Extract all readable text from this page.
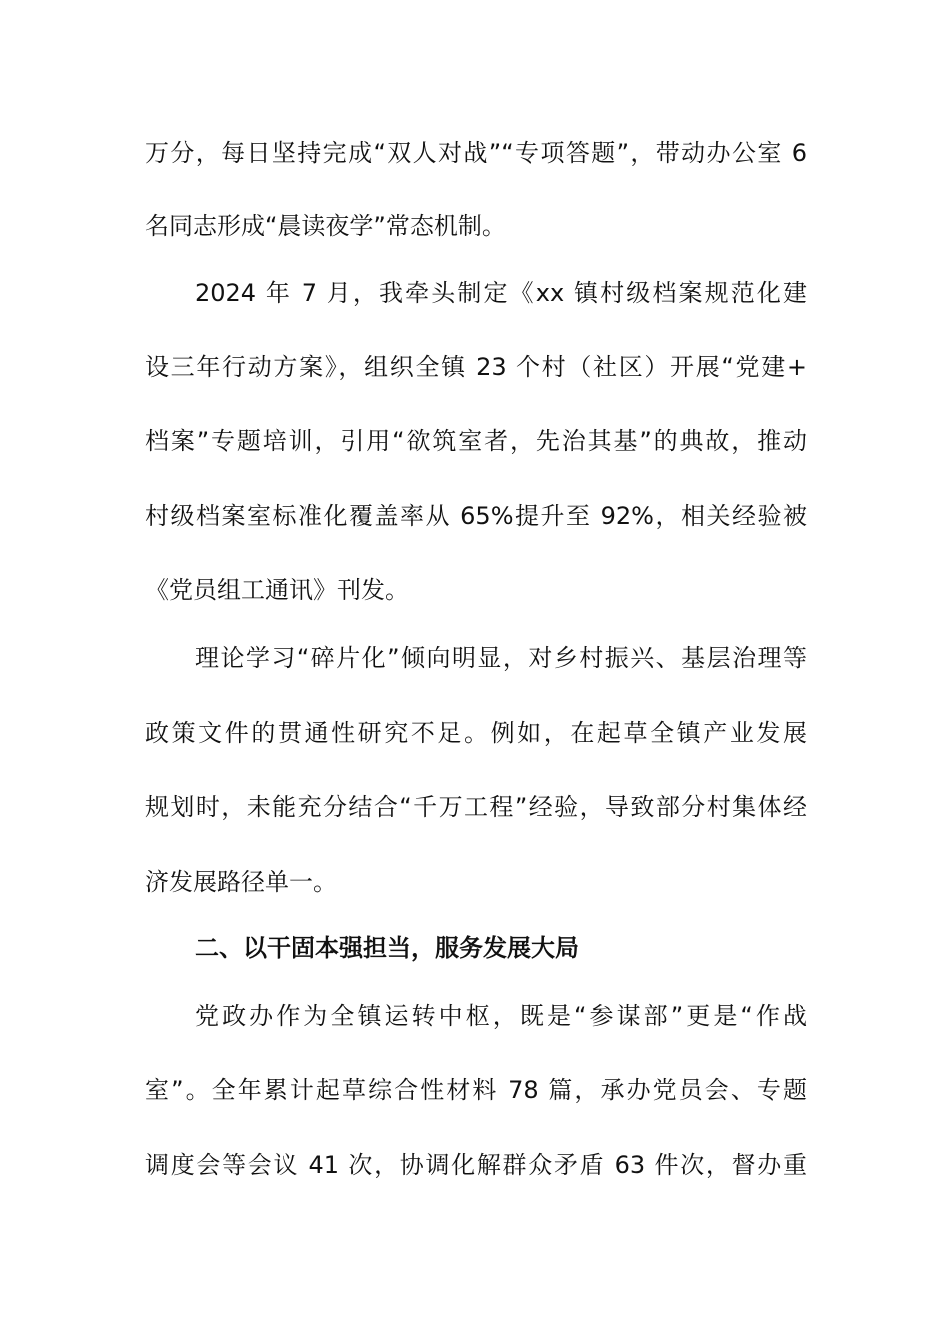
万分，每日坚持完成“双人对战”“专项答题”，带动办公室 6
名同志形成“晨读夜学”常态机制。
2024 年 7 月，我牵头制定《xx 镇村级档案规范化建
设三年行动方案》，组织全镇 23 个村（社区）开展“党建+
档案”专题培训，引用“欲筑室者，先治其基”的典故，推动
村级档案室标准化覆盖率从 65%提升至 92%，相关经验被
《党员组工通讯》刊发。
理论学习“碎片化”倾向明显，对乡村振兴、基层治理等
政策文件的贯通性研究不足。例如，在起草全镇产业发展
规划时，未能充分结合“千万工程”经验，导致部分村集体经
济发展路径单一。
二、以干固本强担当，服务发展大局
党政办作为全镇运转中枢，既是“参谋部”更是“作战
室”。全年累计起草综合性材料 78 篇，承办党员会、专题
调度会等会议 41 次，协调化解群众矛盾 63 件次，督办重
